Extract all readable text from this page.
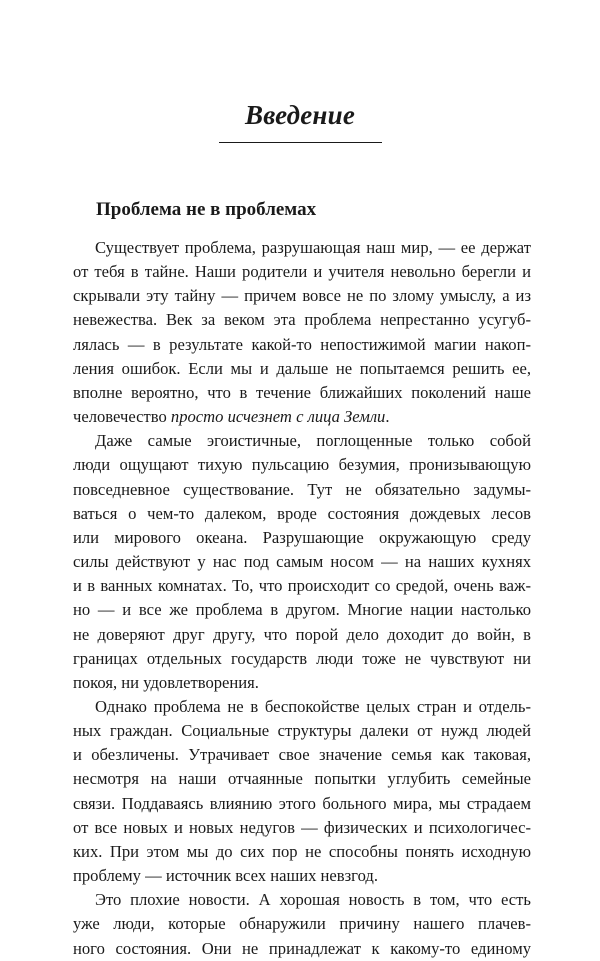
Введение
Проблема не в проблемах
Существует проблема, разрушающая наш мир, — ее держат
от тебя в тайне. Наши родители и учителя невольно берегли и
скрывали эту тайну — причем вовсе не по злому умыслу, а из
невежества. Век за веком эта проблема непрестанно усугуб-
лялась — в результате какой-то непостижимой магии накоп-
ления ошибок. Если мы и дальше не попытаемся решить ее,
вполне вероятно, что в течение ближайших поколений наше
человечество просто исчезнет с лица Земли.
Даже самые эгоистичные, поглощенные только собой
люди ощущают тихую пульсацию безумия, пронизывающую
повседневное существование. Тут не обязательно задумы-
ваться о чем-то далеком, вроде состояния дождевых лесов
или мирового океана. Разрушающие окружающую среду
силы действуют у нас под самым носом — на наших кухнях
и в ванных комнатах. То, что происходит со средой, очень важ-
но — и все же проблема в другом. Многие нации настолько
не доверяют друг другу, что порой дело доходит до войн, в
границах отдельных государств люди тоже не чувствуют ни
покоя, ни удовлетворения.
Однако проблема не в беспокойстве целых стран и отдель-
ных граждан. Социальные структуры далеки от нужд людей
и обезличены. Утрачивает свое значение семья как таковая,
несмотря на наши отчаянные попытки углубить семейные
связи. Поддаваясь влиянию этого больного мира, мы страдаем
от все новых и новых недугов — физических и психологичес-
ких. При этом мы до сих пор не способны понять исходную
проблему — источник всех наших невзгод.
Это плохие новости. А хорошая новость в том, что есть
уже люди, которые обнаружили причину нашего плачев-
ного состояния. Они не принадлежат к какому-то единому
